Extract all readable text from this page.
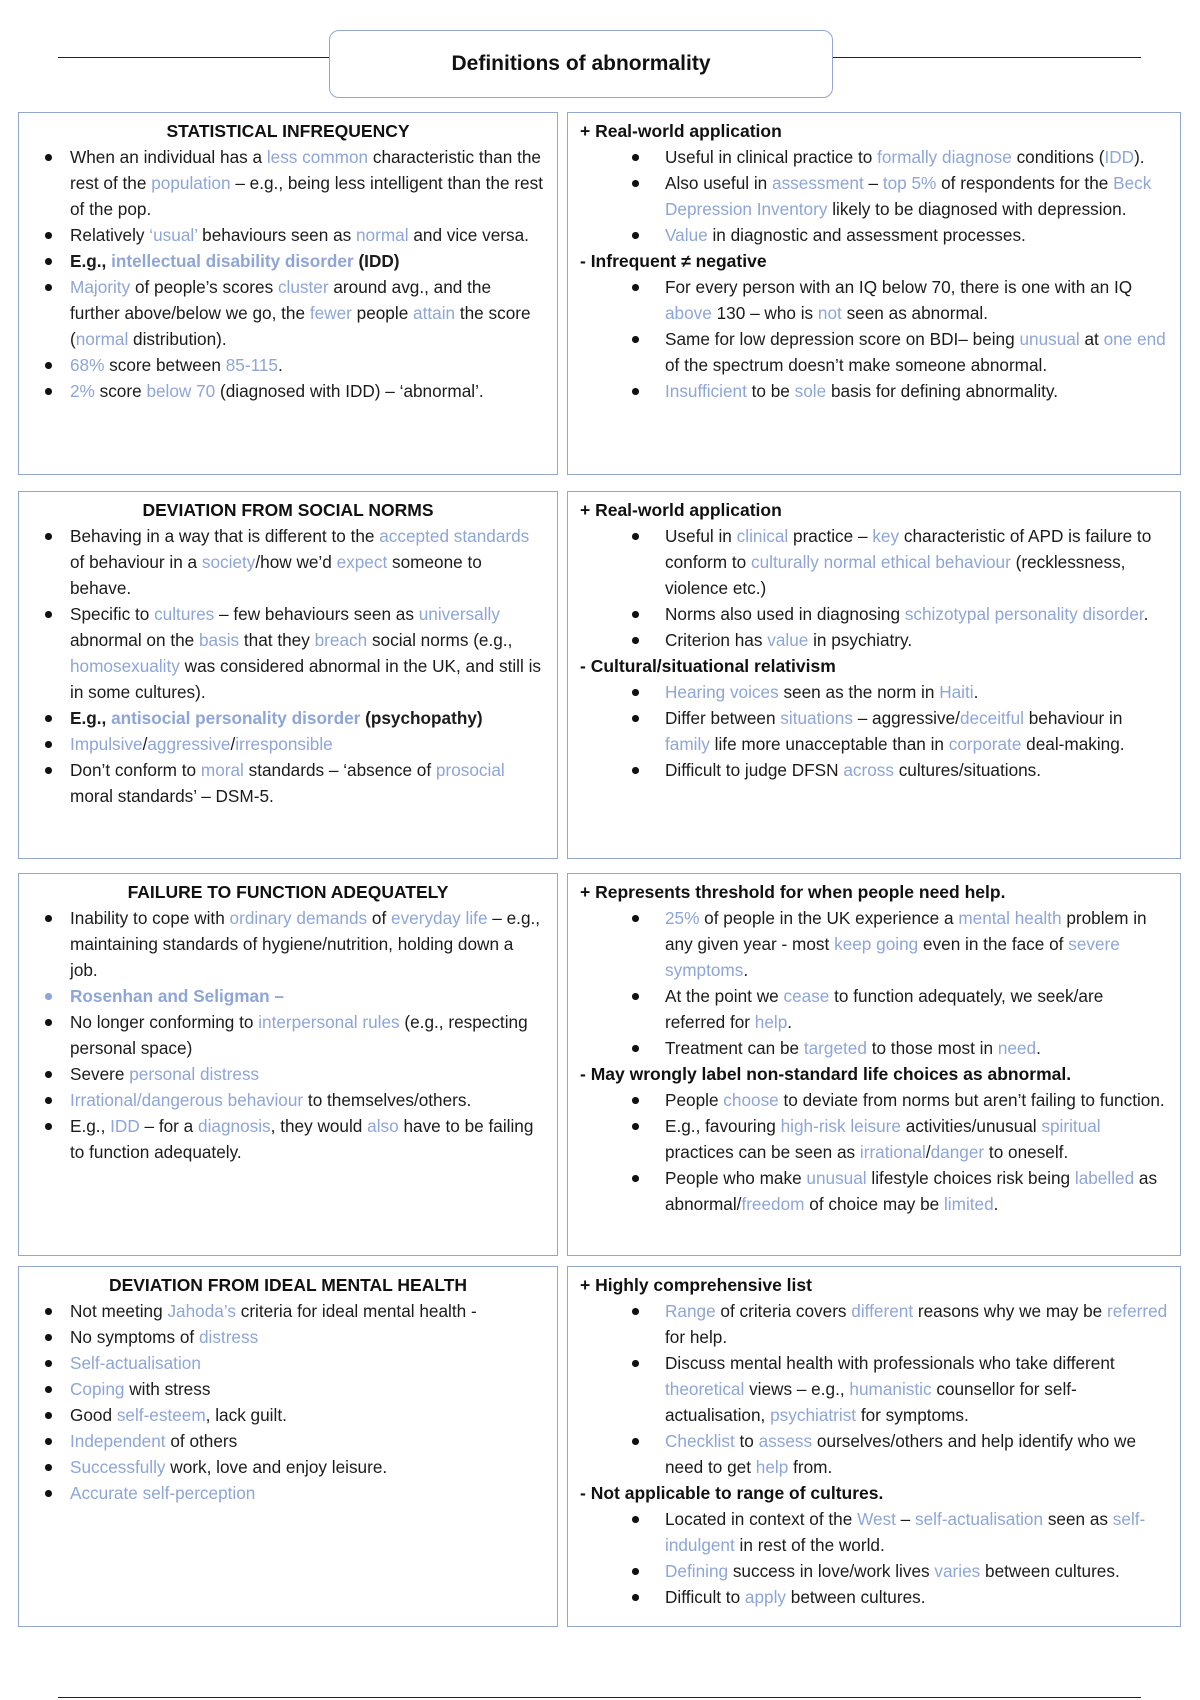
Definitions of abnormality

STATISTICAL INFREQUENCY

When an individual has a less common characteristic than the rest of the population – e.g., being less intelligent than the rest of the pop.
Relatively ‘usual’ behaviours seen as normal and vice versa.
E.g., intellectual disability disorder (IDD)
Majority of people’s scores cluster around avg., and the further above/below we go, the fewer people attain the score (normal distribution).
68% score between 85-115.
2% score below 70 (diagnosed with IDD) – ‘abnormal’.

+ Real-world application

Useful in clinical practice to formally diagnose conditions (IDD).
Also useful in assessment – top 5% of respondents for the Beck Depression Inventory likely to be diagnosed with depression.
Value in diagnostic and assessment processes.

- Infrequent ≠ negative

For every person with an IQ below 70, there is one with an IQ above 130 – who is not seen as abnormal.
Same for low depression score on BDI– being unusual at one end of the spectrum doesn’t make someone abnormal.
Insufficient to be sole basis for defining abnormality.

DEVIATION FROM SOCIAL NORMS

Behaving in a way that is different to the accepted standards of behaviour in a society/how we’d expect someone to behave.
Specific to cultures – few behaviours seen as universally abnormal on the basis that they breach social norms (e.g., homosexuality was considered abnormal in the UK, and still is in some cultures).
E.g., antisocial personality disorder (psychopathy)
Impulsive/aggressive/irresponsible
Don’t conform to moral standards – ‘absence of prosocial moral standards’ – DSM-5.

+ Real-world application

Useful in clinical practice – key characteristic of APD is failure to conform to culturally normal ethical behaviour (recklessness, violence etc.)
Norms also used in diagnosing schizotypal personality disorder.
Criterion has value in psychiatry.

- Cultural/situational relativism

Hearing voices seen as the norm in Haiti.
Differ between situations – aggressive/deceitful behaviour in family life more unacceptable than in corporate deal-making.
Difficult to judge DFSN across cultures/situations.

FAILURE TO FUNCTION ADEQUATELY

Inability to cope with ordinary demands of everyday life – e.g., maintaining standards of hygiene/nutrition, holding down a job.
Rosenhan and Seligman –
No longer conforming to interpersonal rules (e.g., respecting personal space)
Severe personal distress
Irrational/dangerous behaviour to themselves/others.
E.g., IDD – for a diagnosis, they would also have to be failing to function adequately.

+ Represents threshold for when people need help.

25% of people in the UK experience a mental health problem in any given year - most keep going even in the face of severe symptoms.
At the point we cease to function adequately, we seek/are referred for help.
Treatment can be targeted to those most in need.

- May wrongly label non-standard life choices as abnormal.

People choose to deviate from norms but aren’t failing to function.
E.g., favouring high-risk leisure activities/unusual spiritual practices can be seen as irrational/danger to oneself.
People who make unusual lifestyle choices risk being labelled as abnormal/freedom of choice may be limited.

DEVIATION FROM IDEAL MENTAL HEALTH

Not meeting Jahoda’s criteria for ideal mental health -
No symptoms of distress
Self-actualisation
Coping with stress
Good self-esteem, lack guilt.
Independent of others
Successfully work, love and enjoy leisure.
Accurate self-perception

+ Highly comprehensive list

Range of criteria covers different reasons why we may be referred for help.
Discuss mental health with professionals who take different theoretical views – e.g., humanistic counsellor for self-actualisation, psychiatrist for symptoms.
Checklist to assess ourselves/others and help identify who we need to get help from.

- Not applicable to range of cultures.

Located in context of the West – self-actualisation seen as self-indulgent in rest of the world.
Defining success in love/work lives varies between cultures.
Difficult to apply between cultures.
